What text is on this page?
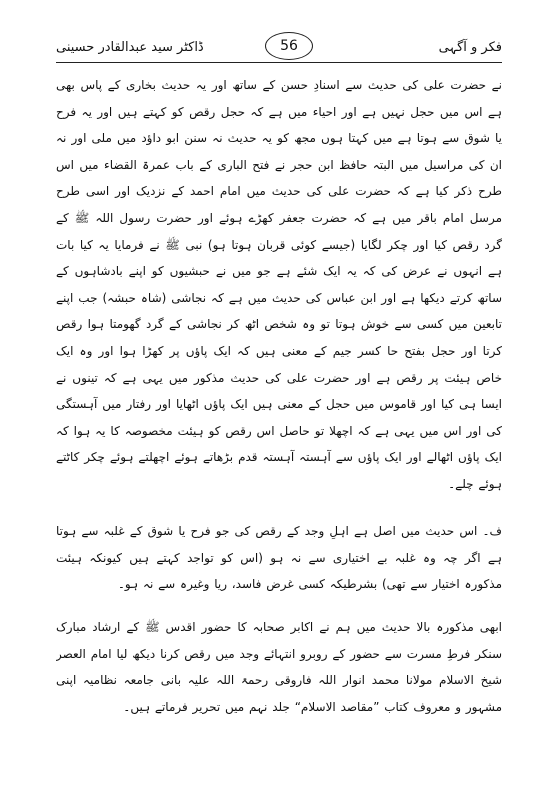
فکر و آگہی
56
ڈاکٹر سید عبدالقادر حسینی

نے حضرت علی کی حدیث سے اسنادِ حسن کے ساتھ اور یہ حدیث بخاری کے پاس بھی ہے اس میں حجل نہیں ہے اور احیاء میں ہے کہ حجل رقص کو کہتے ہیں اور یہ فرح یا شوق سے ہوتا ہے میں کہتا ہوں مجھ کو یہ حدیث نہ سنن ابو داؤد میں ملی اور نہ ان کی مراسیل میں البتہ حافظ ابن حجر نے فتح الباری کے باب عمرۃ القضاء میں اس طرح ذکر کیا ہے کہ حضرت علی کی حدیث میں امام احمد کے نزدیک اور اسی طرح مرسل امام باقر میں ہے کہ حضرت جعفر کھڑے ہوئے اور حضرت رسول اللہ ﷺ کے گرد رقص کیا اور چکر لگایا (جیسے کوئی قربان ہوتا ہو) نبی ﷺ نے فرمایا یہ کیا بات ہے انہوں نے عرض کی کہ یہ ایک شئے ہے جو میں نے حبشیوں کو اپنے بادشاہوں کے ساتھ کرتے دیکھا ہے اور ابن عباس کی حدیث میں ہے کہ نجاشی (شاہ حبشہ) جب اپنے تابعین میں کسی سے خوش ہوتا تو وہ شخص اٹھ کر نجاشی کے گرد گھومتا ہوا رقص کرتا اور حجل بفتح حا کسر جیم کے معنی ہیں کہ ایک پاؤں پر کھڑا ہوا اور وہ ایک خاص ہیئت پر رقص ہے اور حضرت علی کی حدیث مذکور میں یہی ہے کہ تینوں نے ایسا ہی کیا اور قاموس میں حجل کے معنی ہیں ایک پاؤں اٹھایا اور رفتار میں آہستگی کی اور اس میں یہی ہے کہ اچھلا تو حاصل اس رقص کو ہیئت مخصوصہ کا یہ ہوا کہ ایک پاؤں اٹھالے اور ایک پاؤں سے آہستہ آہستہ قدم بڑھاتے ہوئے اچھلتے ہوئے چکر کاٹتے ہوئے چلے۔

ف۔ اس حدیث میں اصل ہے اہلِ وجد کے رقص کی جو فرح یا شوق کے غلبہ سے ہوتا ہے اگر چہ وہ غلبہ بے اختیاری سے نہ ہو (اس کو تواجد کہتے ہیں کیونکہ ہیئت مذکورہ اختیار سے تھی) بشرطیکہ کسی غرض فاسد، ریا وغیرہ سے نہ ہو۔

ابھی مذکورہ بالا حدیث میں ہم نے اکابر صحابہ کا حضور اقدس ﷺ کے ارشاد مبارک سنکر فرطِ مسرت سے حضور کے روبرو انتہائے وجد میں رقص کرنا دیکھ لیا امام العصر شیخ الاسلام مولانا محمد انوار اللہ فاروقی رحمۃ اللہ علیہ بانی جامعہ نظامیہ اپنی مشہور و معروف کتاب ”مقاصد الاسلام“ جلد نہم میں تحریر فرماتے ہیں۔
